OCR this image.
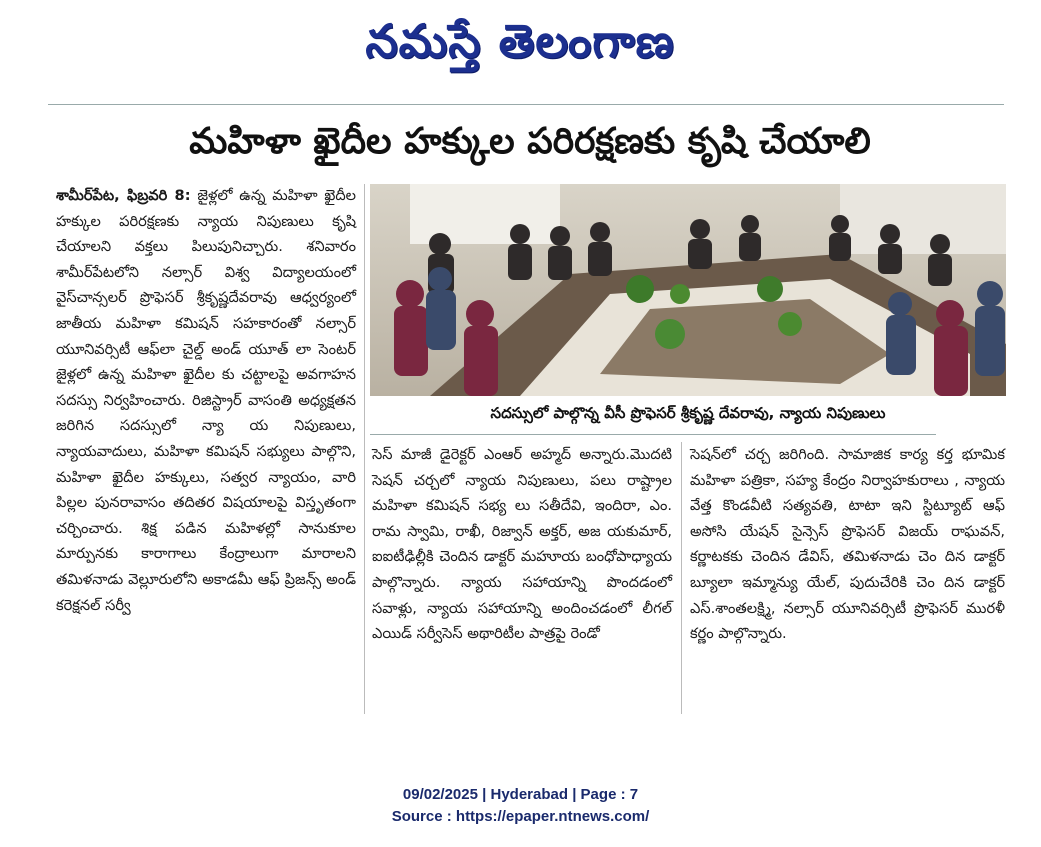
నమస్తే తెలంగాణ
మహిళా ఖైదీల హక్కుల పరిరక్షణకు కృషి చేయాలి

శామీర్‌పేట, ఫిబ్రవరి 8: జైళ్లలో ఉన్న మహిళా ఖైదీల హక్కుల పరిరక్షణకు న్యాయ నిపుణులు కృషి చేయాలని వక్తలు పిలుపునిచ్చారు. శనివారం శామీర్‌పేటలోని నల్సార్ విశ్వ విద్యాలయంలో వైస్‌చాన్సలర్ ప్రొఫెసర్ శ్రీకృష్ణదేవరావు ఆధ్వర్యంలో జాతీయ మహిళా కమిషన్ సహకారంతో నల్సార్ యూనివర్సిటీ ఆఫ్‌లా చైల్డ్ అండ్ యూత్ లా సెంటర్ జైళ్లలో ఉన్న మహిళా ఖైదీల కు చట్టాలపై అవగాహన సదస్సు నిర్వహించారు. రిజిస్ట్రార్ వాసంతి అధ్యక్షతన జరిగిన సదస్సులో న్యా య నిపుణులు, న్యాయవాదులు, మహిళా కమిషన్ సభ్యులు పాల్గొని, మహిళా ఖైదీల హక్కులు, సత్వర న్యాయం, వారి పిల్లల పునరావాసం తదితర విషయాలపై విస్తృతంగా చర్చించారు. శిక్ష పడిన మహిళల్లో సానుకూల మార్పునకు కారాగాలు కేంద్రాలుగా మారాలని తమిళనాడు వెల్లూరులోని అకాడమీ ఆఫ్ ప్రిజన్స్ అండ్ కరెక్షనల్ సర్వీ

సదస్సులో పాల్గొన్న వీసీ ప్రొఫెసర్ శ్రీకృష్ణ దేవరావు, న్యాయ నిపుణులు

సెస్ మాజీ డైరెక్టర్ ఎంఆర్ అహ్మద్ అన్నారు.మొదటి సెషన్ చర్చలో న్యాయ నిపుణులు, పలు రాష్ట్రాల మహిళా కమిషన్ సభ్య లు సతీదేవి, ఇందిరా, ఎం. రామ స్వామి, రాఖీ, రిజ్వాన్ అక్తర్, అజ యకుమార్, ఐఐటీఢిల్లీకి చెందిన డాక్టర్ మహూయ బంధోపాధ్యాయ పాల్గొన్నారు. న్యాయ సహాయాన్ని పొందడంలో సవాళ్లు, న్యాయ సహాయాన్ని అందించడంలో లీగల్ ఎయిడ్ సర్వీసెస్ అథారిటీల పాత్రపై రెండో

సెషన్‌లో చర్చ జరిగింది. సామాజిక కార్య కర్త భూమిక మహిళా పత్రికా, సహ్య కేంద్రం నిర్వాహకురాలు , న్యాయ వేత్త కొండవీటి సత్యవతి, టాటా ఇని స్టిట్యూట్ ఆఫ్ అసోసి యేషన్ సైన్సెస్ ప్రొఫెసర్ విజయ్ రాఘవన్, కర్ణాటకకు చెందిన డేవిస్, తమిళనాడు చెం దిన డాక్టర్ బ్యూలా ఇమ్మాన్యు యేల్, పుదుచేరికి చెం దిన డాక్టర్ ఎస్.శాంతలక్ష్మి, నల్సార్ యూనివర్సిటీ ప్రొఫెసర్ మురళీ కర్ణం పాల్గొన్నారు.

09/02/2025 | Hyderabad | Page : 7
Source : https://epaper.ntnews.com/
